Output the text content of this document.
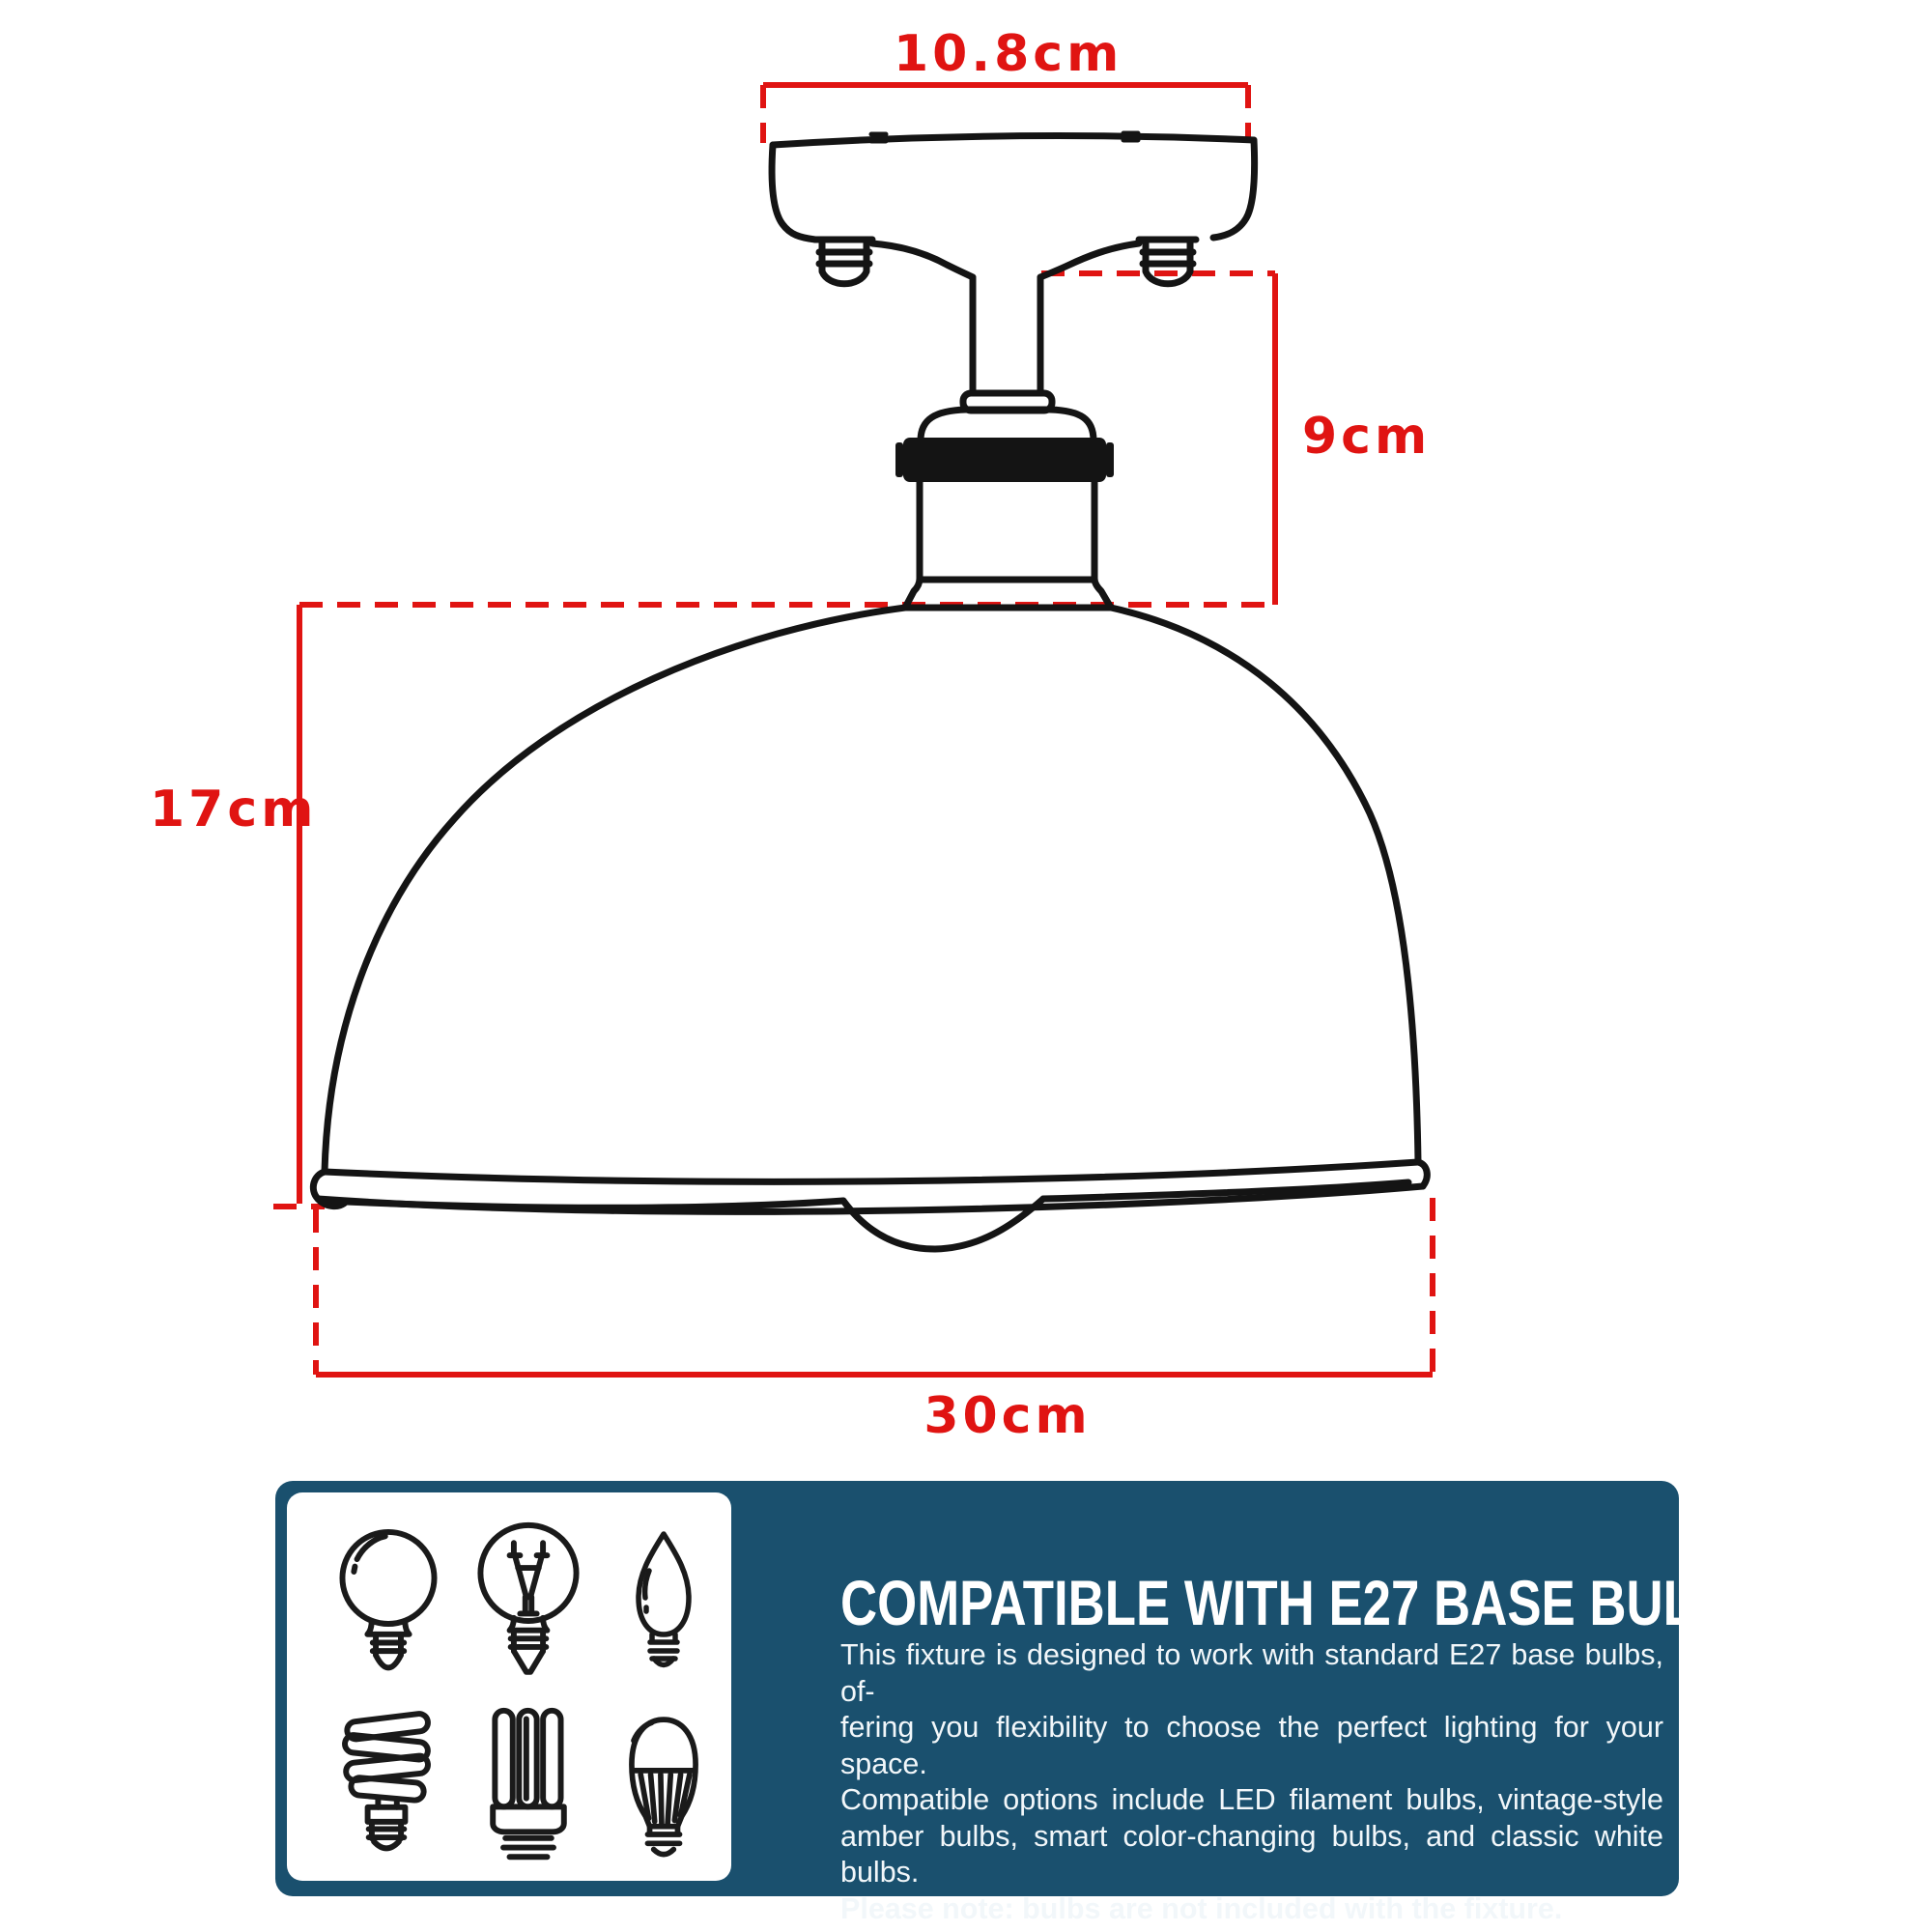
10.8cm
9cm
17cm
30cm
COMPATIBLE WITH E27 BASE BULBS
This fixture is designed to work with standard E27 base bulbs, of-
fering you flexibility to choose the perfect lighting for your space.
Compatible options include LED filament bulbs, vintage-style
amber bulbs, smart color-changing bulbs, and classic white bulbs.
Please note: bulbs are not included with the fixture.
